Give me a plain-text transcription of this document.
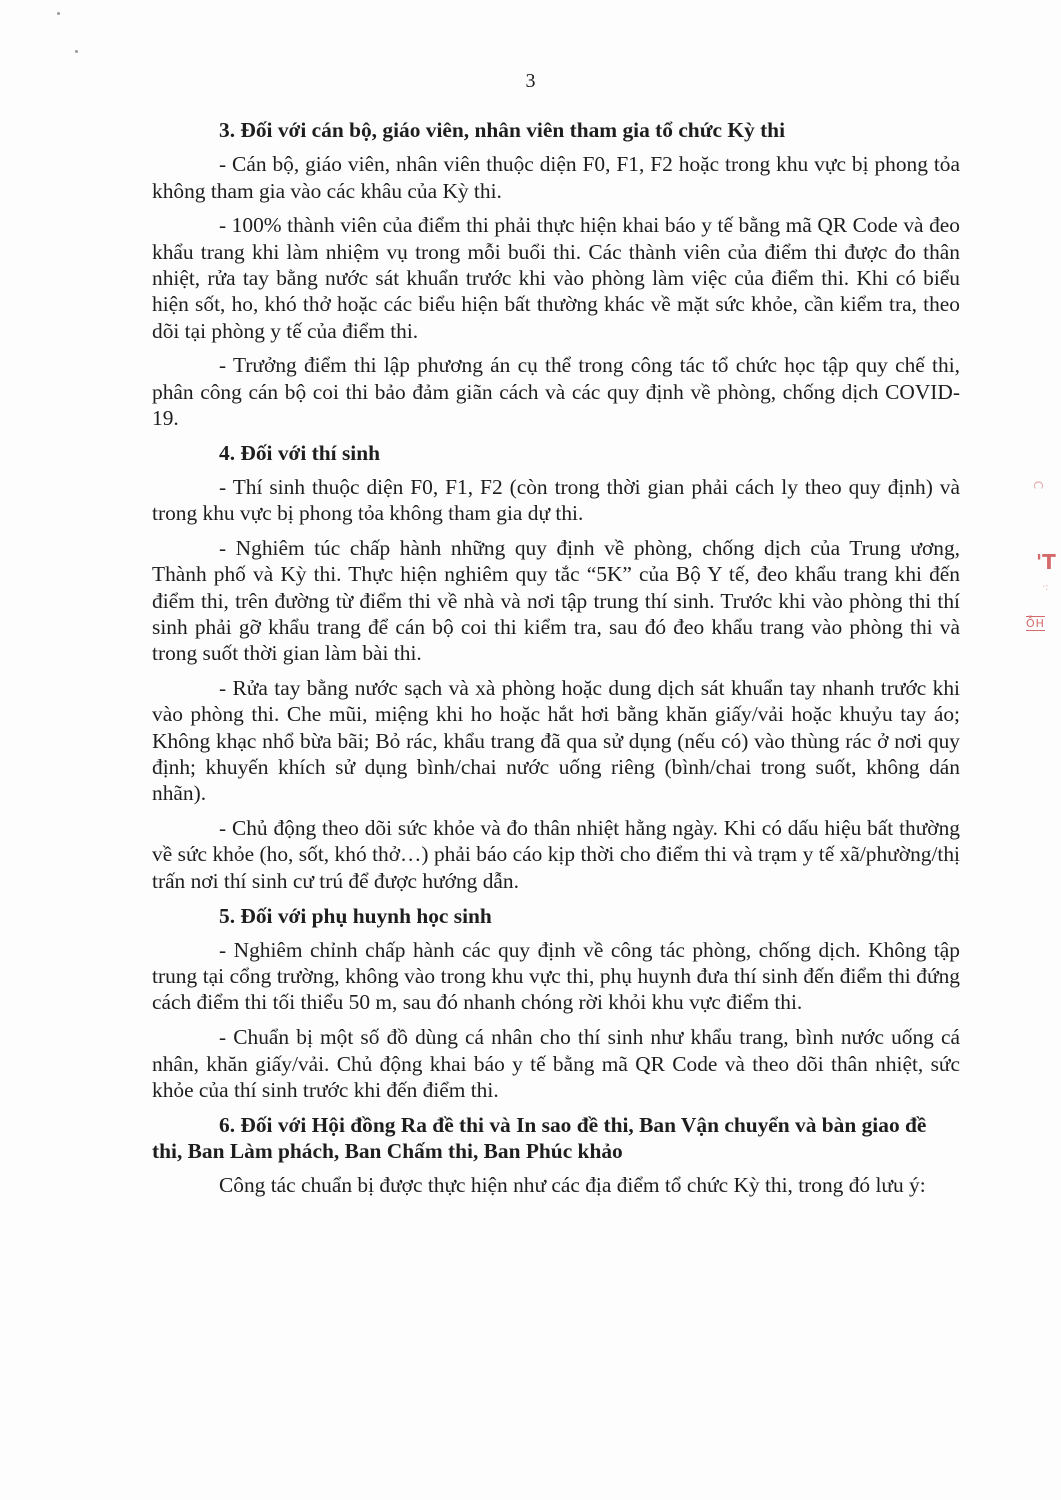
3

3. Đối với cán bộ, giáo viên, nhân viên tham gia tổ chức Kỳ thi

- Cán bộ, giáo viên, nhân viên thuộc diện F0, F1, F2 hoặc trong khu vực bị phong tỏa không tham gia vào các khâu của Kỳ thi.

- 100% thành viên của điểm thi phải thực hiện khai báo y tế bằng mã QR Code và đeo khẩu trang khi làm nhiệm vụ trong mỗi buổi thi. Các thành viên của điểm thi được đo thân nhiệt, rửa tay bằng nước sát khuẩn trước khi vào phòng làm việc của điểm thi. Khi có biểu hiện sốt, ho, khó thở hoặc các biểu hiện bất thường khác về mặt sức khỏe, cần kiểm tra, theo dõi tại phòng y tế của điểm thi.

- Trưởng điểm thi lập phương án cụ thể trong công tác tổ chức học tập quy chế thi, phân công cán bộ coi thi bảo đảm giãn cách và các quy định về phòng, chống dịch COVID-19.

4. Đối với thí sinh

- Thí sinh thuộc diện F0, F1, F2 (còn trong thời gian phải cách ly theo quy định) và trong khu vực bị phong tỏa không tham gia dự thi.

- Nghiêm túc chấp hành những quy định về phòng, chống dịch của Trung ương, Thành phố và Kỳ thi. Thực hiện nghiêm quy tắc “5K” của Bộ Y tế, đeo khẩu trang khi đến điểm thi, trên đường từ điểm thi về nhà và nơi tập trung thí sinh. Trước khi vào phòng thi thí sinh phải gỡ khẩu trang để cán bộ coi thi kiểm tra, sau đó đeo khẩu trang vào phòng thi và trong suốt thời gian làm bài thi.

- Rửa tay bằng nước sạch và xà phòng hoặc dung dịch sát khuẩn tay nhanh trước khi vào phòng thi. Che mũi, miệng khi ho hoặc hắt hơi bằng khăn giấy/vải hoặc khuỷu tay áo; Không khạc nhổ bừa bãi; Bỏ rác, khẩu trang đã qua sử dụng (nếu có) vào thùng rác ở nơi quy định; khuyến khích sử dụng bình/chai nước uống riêng (bình/chai trong suốt, không dán nhãn).

- Chủ động theo dõi sức khỏe và đo thân nhiệt hằng ngày. Khi có dấu hiệu bất thường về sức khỏe (ho, sốt, khó thở…) phải báo cáo kịp thời cho điểm thi và trạm y tế xã/phường/thị trấn nơi thí sinh cư trú để được hướng dẫn.

5. Đối với phụ huynh học sinh

- Nghiêm chỉnh chấp hành các quy định về công tác phòng, chống dịch. Không tập trung tại cổng trường, không vào trong khu vực thi, phụ huynh đưa thí sinh đến điểm thi đứng cách điểm thi tối thiểu 50 m, sau đó nhanh chóng rời khỏi khu vực điểm thi.

- Chuẩn bị một số đồ dùng cá nhân cho thí sinh như khẩu trang, bình nước uống cá nhân, khăn giấy/vải. Chủ động khai báo y tế bằng mã QR Code và theo dõi thân nhiệt, sức khỏe của thí sinh trước khi đến điểm thi.

6. Đối với Hội đồng Ra đề thi và In sao đề thi, Ban Vận chuyển và bàn giao đề thi, Ban Làm phách, Ban Chấm thi, Ban Phúc khảo

Công tác chuẩn bị được thực hiện như các địa điểm tổ chức Kỳ thi, trong đó lưu ý:

C
'T
·:
ỖH
